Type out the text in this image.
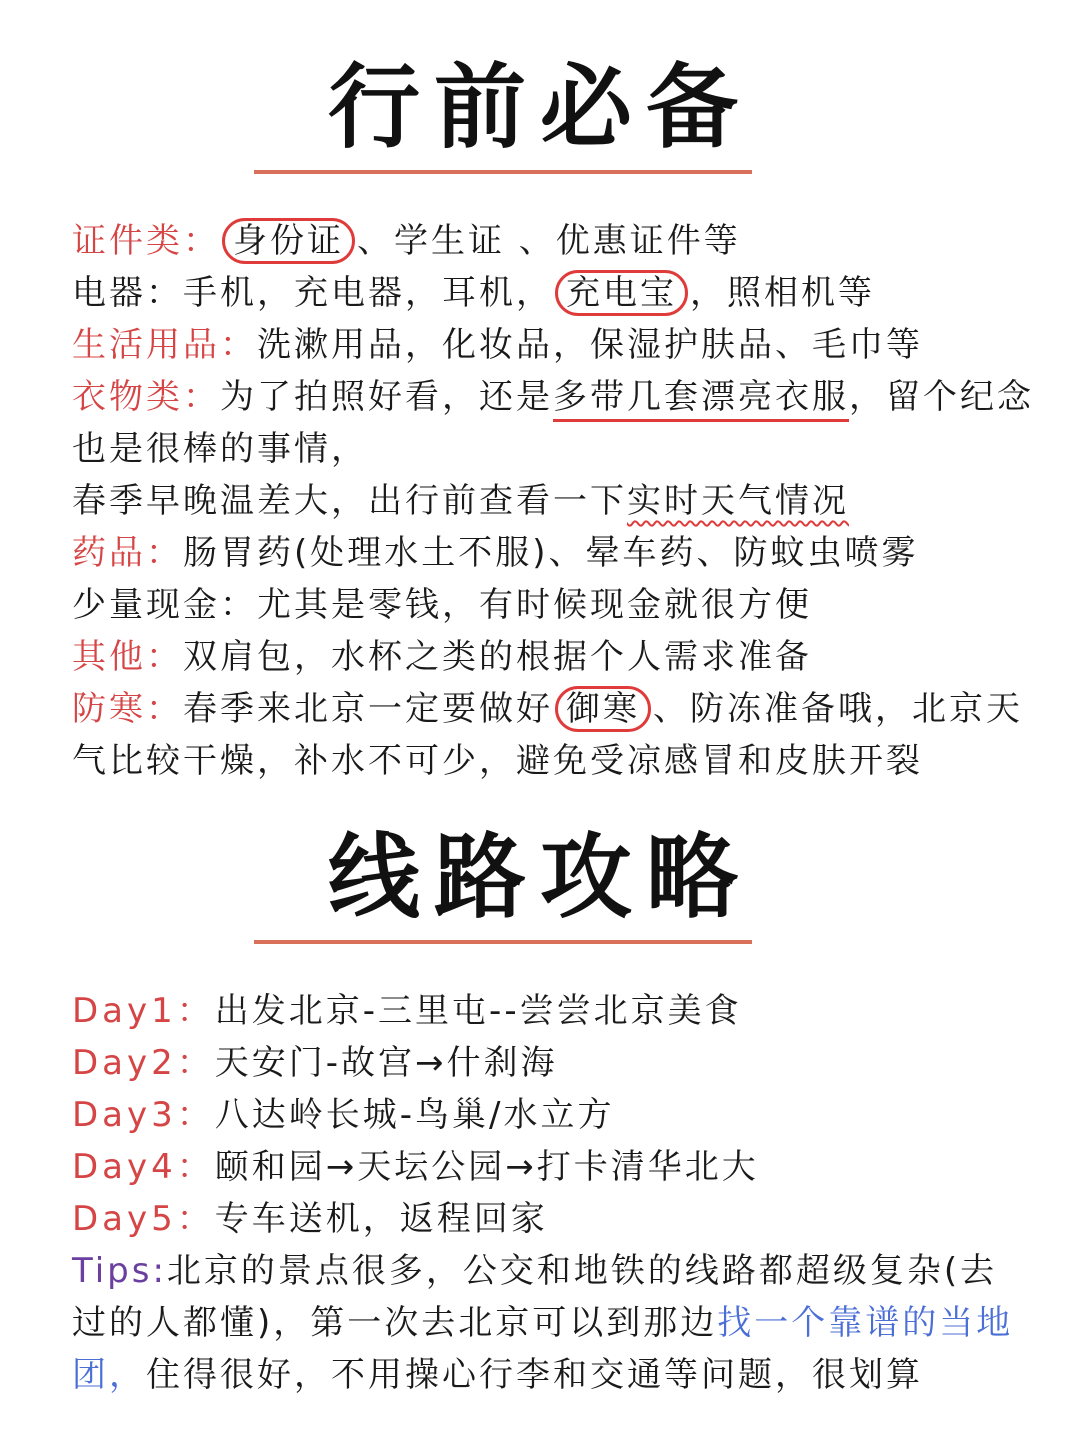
行前必备
证件类： 身份证 、学生证 、优惠证件等
电器：手机，充电器，耳机， 充电宝 ，照相机等
生活用品：洗漱用品，化妆品，保湿护肤品、毛巾等
衣物类：为了拍照好看，还是多带几套漂亮衣服，留个纪念
也是很棒的事情，
春季早晚温差大，出行前查看一下实时天气情况
药品：肠胃药(处理水土不服)、晕车药、防蚊虫喷雾
少量现金：尤其是零钱，有时候现金就很方便
其他：双肩包，水杯之类的根据个人需求准备
防寒：春季来北京一定要做好 御寒 、防冻准备哦，北京天
气比较干燥，补水不可少，避免受凉感冒和皮肤开裂
线路攻略
Day1：出发北京-三里屯--尝尝北京美食
Day2：天安门-故宫→什刹海
Day3：八达岭长城-鸟巢/水立方
Day4：颐和园→天坛公园→打卡清华北大
Day5：专车送机，返程回家
Tips:北京的景点很多，公交和地铁的线路都超级复杂(去
过的人都懂)，第一次去北京可以到那边找一个靠谱的当地
团，住得很好，不用操心行李和交通等问题，很划算
